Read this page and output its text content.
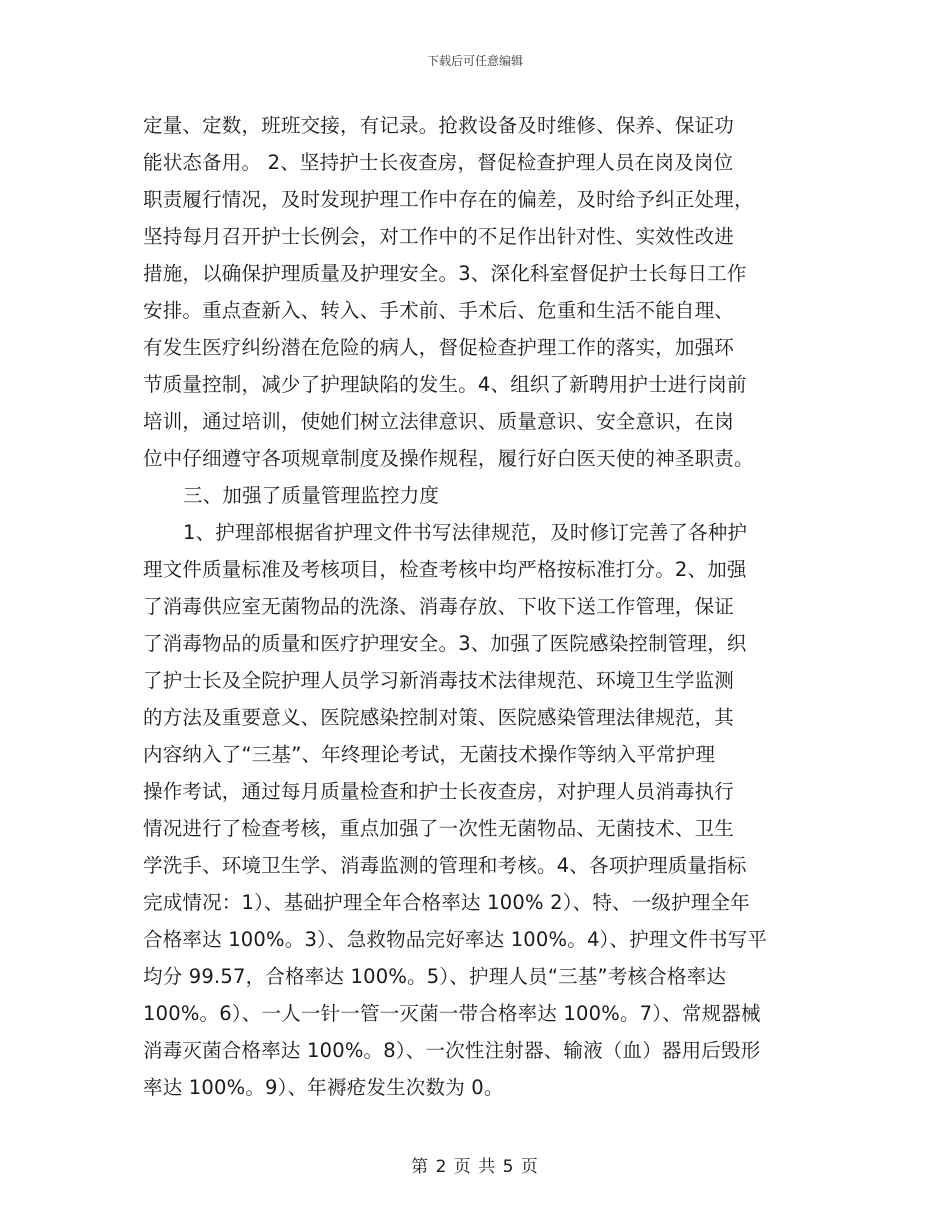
下载后可任意编辑
定量、定数，班班交接，有记录。抢救设备及时维修、保养、保证功
能状态备用。 2、坚持护士长夜查房，督促检查护理人员在岗及岗位
职责履行情况，及时发现护理工作中存在的偏差，及时给予纠正处理，
坚持每月召开护士长例会，对工作中的不足作出针对性、实效性改进
措施，以确保护理质量及护理安全。3、深化科室督促护士长每日工作
安排。重点查新入、转入、手术前、手术后、危重和生活不能自理、
有发生医疗纠纷潜在危险的病人，督促检查护理工作的落实，加强环
节质量控制，减少了护理缺陷的发生。4、组织了新聘用护士进行岗前
培训，通过培训，使她们树立法律意识、质量意识、安全意识，在岗
位中仔细遵守各项规章制度及操作规程，履行好白医天使的神圣职责。
三、加强了质量管理监控力度
1、护理部根据省护理文件书写法律规范，及时修订完善了各种护
理文件质量标准及考核项目，检查考核中均严格按标准打分。2、加强
了消毒供应室无菌物品的洗涤、消毒存放、下收下送工作管理，保证
了消毒物品的质量和医疗护理安全。3、加强了医院感染控制管理，织
了护士长及全院护理人员学习新消毒技术法律规范、环境卫生学监测
的方法及重要意义、医院感染控制对策、医院感染管理法律规范，其
内容纳入了“三基”、年终理论考试，无菌技术操作等纳入平常护理
操作考试，通过每月质量检查和护士长夜查房，对护理人员消毒执行
情况进行了检查考核，重点加强了一次性无菌物品、无菌技术、卫生
学洗手、环境卫生学、消毒监测的管理和考核。4、各项护理质量指标
完成情况：1）、基础护理全年合格率达 100% 2）、特、一级护理全年
合格率达 100%。3）、急救物品完好率达 100%。4）、护理文件书写平
均分 99.57，合格率达 100%。5）、护理人员“三基”考核合格率达
100%。6）、一人一针一管一灭菌一带合格率达 100%。7）、常规器械
消毒灭菌合格率达 100%。8）、一次性注射器、输液（血）器用后毁形
率达 100%。9）、年褥疮发生次数为 0。
第 2 页 共 5 页
